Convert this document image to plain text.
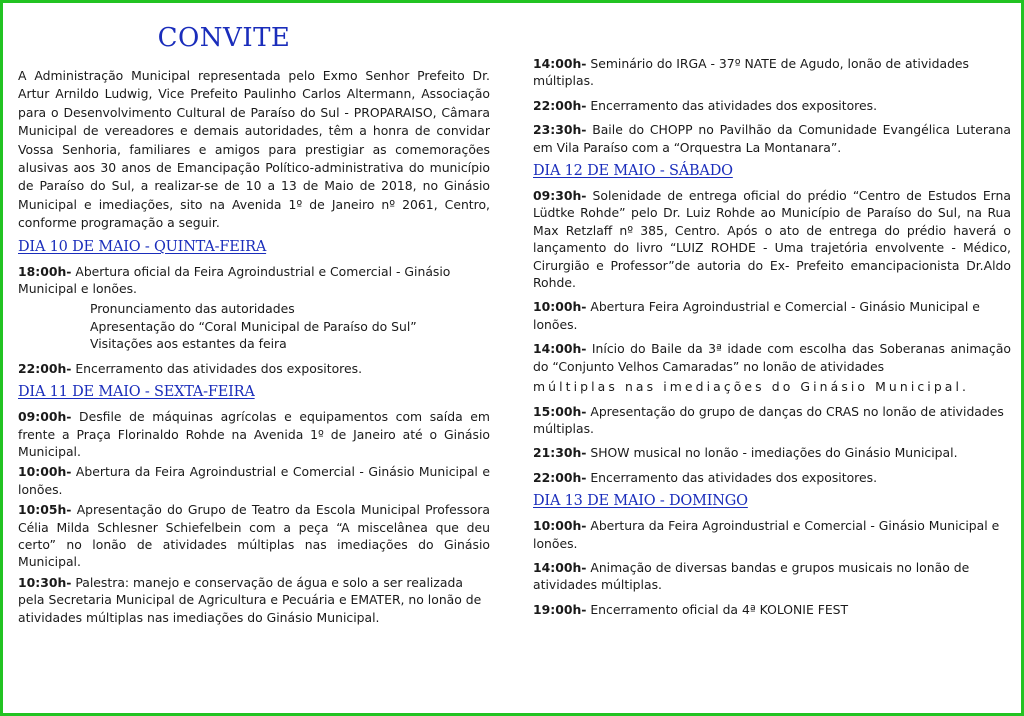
CONVITE

A Administração Municipal representada pelo Exmo Senhor Prefeito Dr. Artur Arnildo Ludwig, Vice Prefeito Paulinho Carlos Altermann, Associação para o Desenvolvimento Cultural de Paraíso do Sul - PROPARAISO, Câmara Municipal de vereadores e demais autoridades, têm a honra de convidar Vossa Senhoria, familiares e amigos para prestigiar as comemorações alusivas aos 30 anos de Emancipação Político-administrativa do município de Paraíso do Sul, a realizar-se de 10 a 13 de Maio de 2018, no Ginásio Municipal e imediações, sito na Avenida 1º de Janeiro nº 2061, Centro, conforme programação a seguir.

DIA 10 DE MAIO - QUINTA-FEIRA

18:00h- Abertura oficial da Feira Agroindustrial e Comercial - Ginásio Municipal e lonões.

Pronunciamento das autoridades

Apresentação do “Coral Municipal de Paraíso do Sul”

Visitações aos estantes da feira

22:00h- Encerramento das atividades dos expositores.

DIA 11 DE MAIO - SEXTA-FEIRA

09:00h- Desfile de máquinas agrícolas e equipamentos com saída em frente a Praça Florinaldo Rohde na Avenida 1º de Janeiro até o Ginásio Municipal.

10:00h- Abertura da Feira Agroindustrial e Comercial - Ginásio Municipal e lonões.

10:05h- Apresentação do Grupo de Teatro da Escola Municipal Professora Célia Milda Schlesner Schiefelbein com a peça “A miscelânea que deu certo” no lonão de atividades múltiplas nas imediações do Ginásio Municipal.

10:30h- Palestra: manejo e conservação de água e solo a ser realizada pela Secretaria Municipal de Agricultura e Pecuária e EMATER, no lonão de atividades múltiplas nas imediações do Ginásio Municipal.

14:00h- Seminário do IRGA - 37º NATE de Agudo, lonão de atividades múltiplas.

22:00h- Encerramento das atividades dos expositores.

23:30h- Baile do CHOPP no Pavilhão da Comunidade Evangélica Luterana em Vila Paraíso com a “Orquestra La Montanara”.

DIA 12 DE MAIO - SÁBADO

09:30h- Solenidade de entrega oficial do prédio “Centro de Estudos Erna Lüdtke Rohde” pelo Dr. Luiz Rohde ao Município de Paraíso do Sul, na Rua Max Retzlaff nº 385, Centro. Após o ato de entrega do prédio haverá o lançamento do livro “LUIZ ROHDE - Uma trajetória envolvente - Médico, Cirurgião e Professor”de autoria do Ex- Prefeito emancipacionista Dr.Aldo Rohde.

10:00h- Abertura Feira Agroindustrial e Comercial - Ginásio Municipal e lonões.

14:00h- Início do Baile da 3ª idade com escolha das Soberanas animação do “Conjunto Velhos Camaradas” no lonão de atividades

múltiplas nas imediações do Ginásio Municipal.

15:00h- Apresentação do grupo de danças do CRAS no lonão de atividades múltiplas.

21:30h- SHOW musical no lonão - imediações do Ginásio Municipal.

22:00h- Encerramento das atividades dos expositores.

DIA 13 DE MAIO - DOMINGO

10:00h- Abertura da Feira Agroindustrial e Comercial - Ginásio Municipal e lonões.

14:00h- Animação de diversas bandas e grupos musicais no lonão de atividades múltiplas.

19:00h- Encerramento oficial da 4ª KOLONIE FEST
